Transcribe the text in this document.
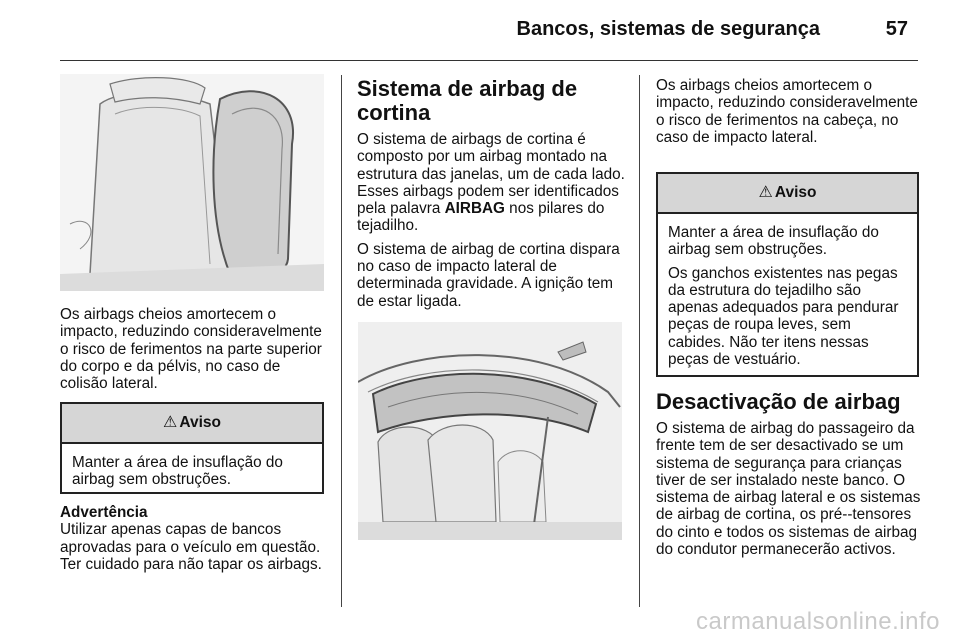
Bancos, sistemas de segurança	57

Os airbags cheios amortecem o impacto, reduzindo consideravelmente o risco de ferimentos na parte superior do corpo e da pélvis, no caso de colisão lateral.

⚠ Aviso

Manter a área de insuflação do airbag sem obstruções.

Advertência

Utilizar apenas capas de bancos aprovadas para o veículo em questão. Ter cuidado para não tapar os airbags.

Sistema de airbag de cortina

O sistema de airbags de cortina é composto por um airbag montado na estrutura das janelas, um de cada lado. Esses airbags podem ser identificados pela palavra AIRBAG nos pilares do tejadilho.

O sistema de airbag de cortina dispara no caso de impacto lateral de determinada gravidade. A ignição tem de estar ligada.

Os airbags cheios amortecem o impacto, reduzindo consideravelmente o risco de ferimentos na cabeça, no caso de impacto lateral.

⚠ Aviso

Manter a área de insuflação do airbag sem obstruções.

Os ganchos existentes nas pegas da estrutura do tejadilho são apenas adequados para pendurar peças de roupa leves, sem cabides. Não ter itens nessas peças de vestuário.

Desactivação de airbag

O sistema de airbag do passageiro da frente tem de ser desactivado se um sistema de segurança para crianças tiver de ser instalado neste banco. O sistema de airbag lateral e os sistemas de airbag de cortina, os pré--tensores do cinto e todos os sistemas de airbag do condutor permanecerão activos.

carmanualsonline.info
